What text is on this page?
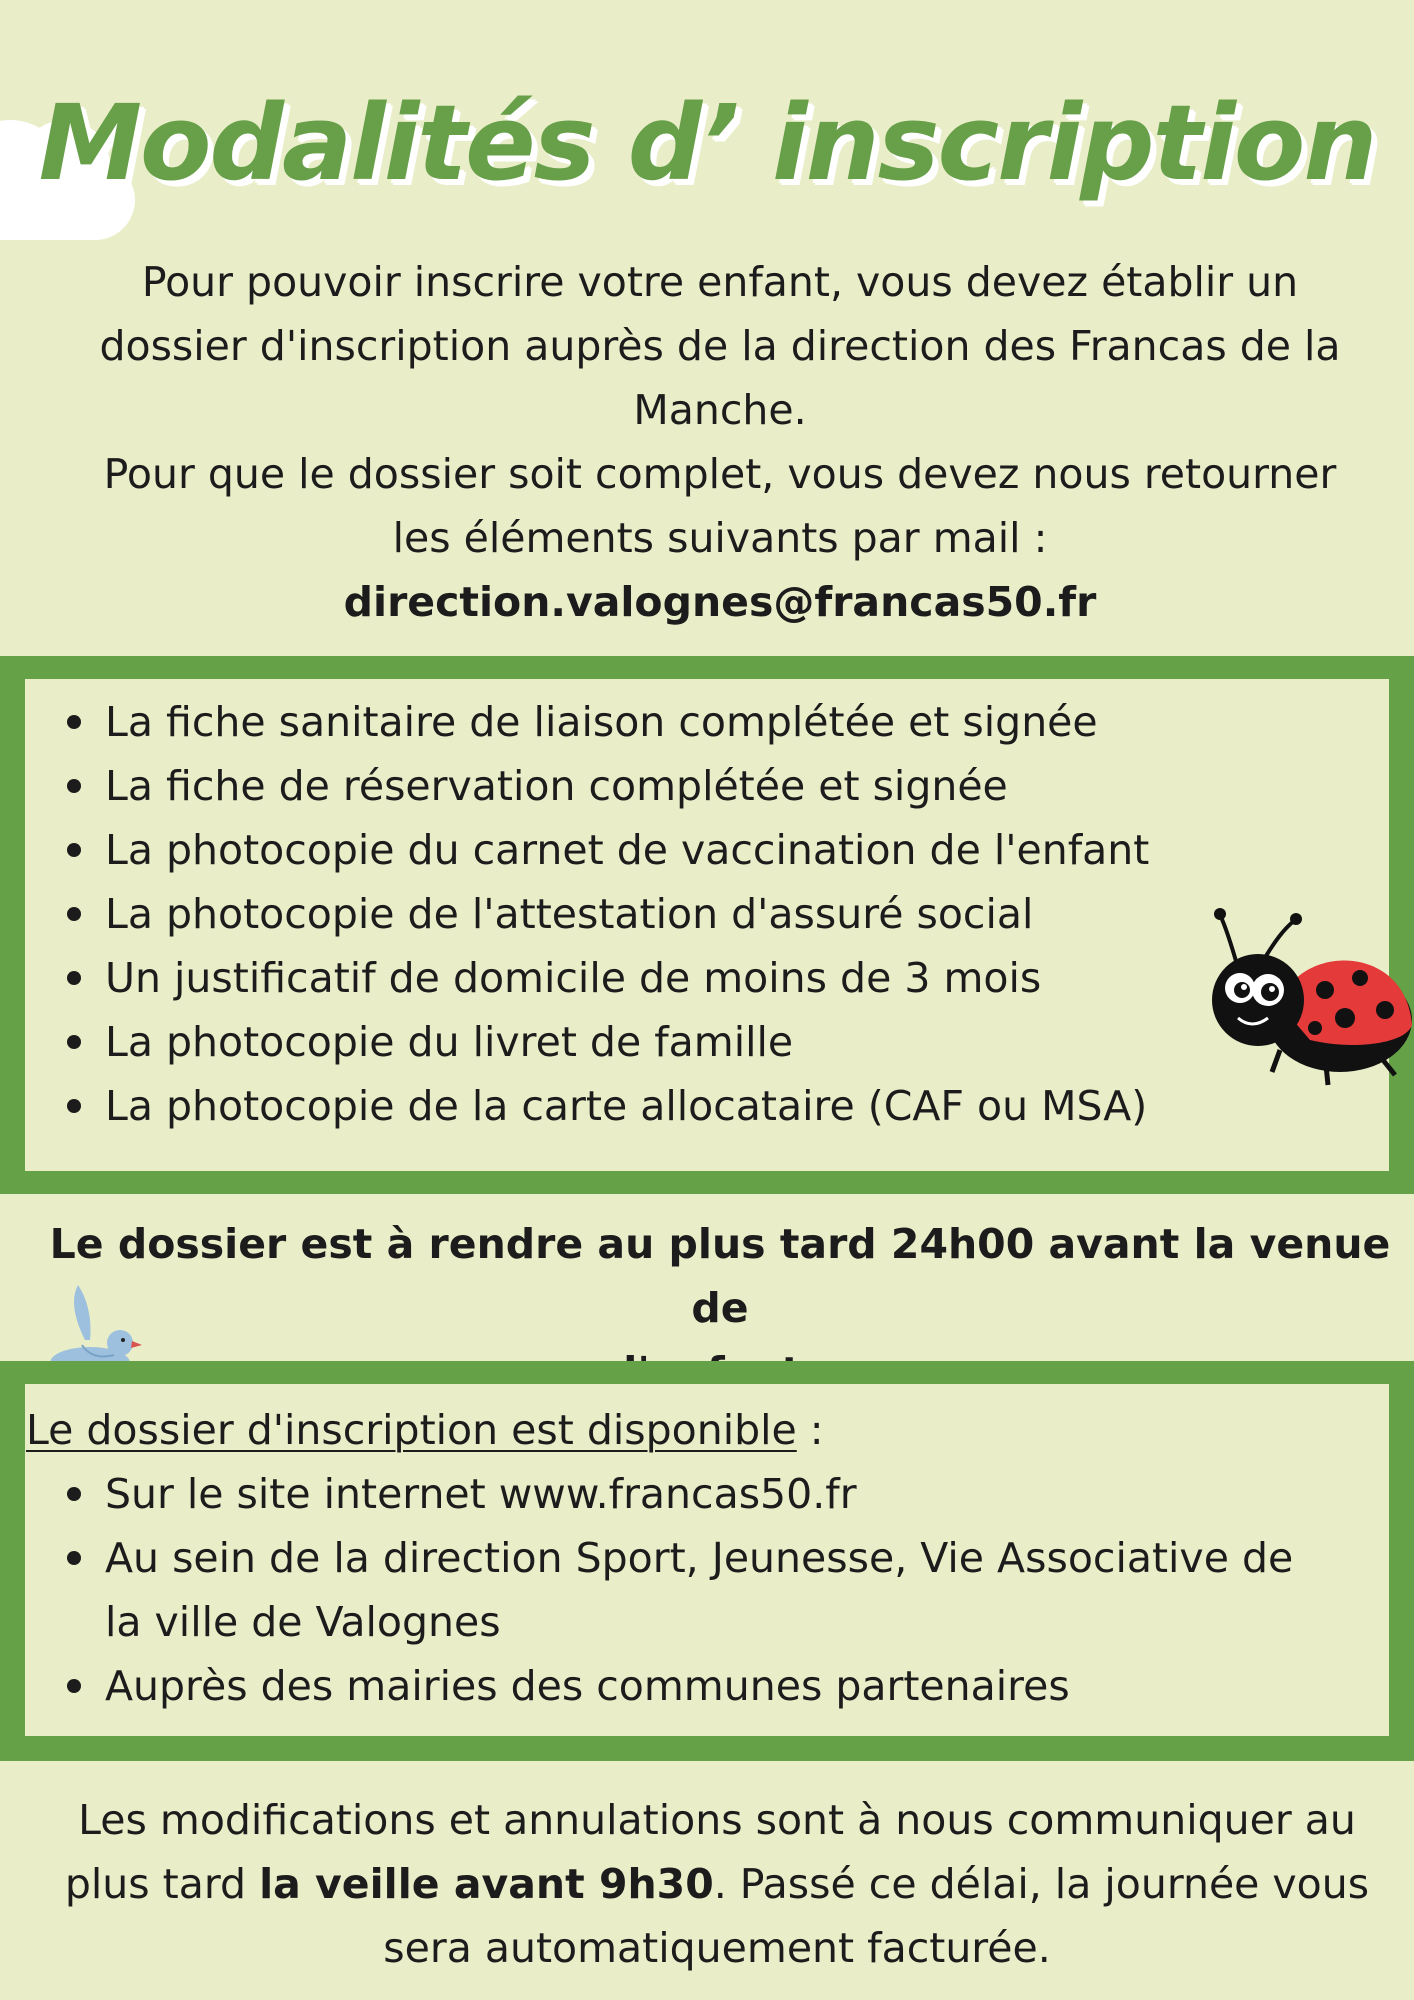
Modalités d’ inscription

Pour pouvoir inscrire votre enfant, vous devez établir un

dossier d'inscription auprès de la direction des Francas de la

Manche.

Pour que le dossier soit complet, vous devez nous retourner

les éléments suivants par mail :

direction.valognes@francas50.fr

La fiche sanitaire de liaison complétée et signée
La fiche de réservation complétée et signée
La photocopie du carnet de vaccination de l'enfant
La photocopie de l'attestation d'assuré social
Un justificatif de domicile de moins de 3 mois
La photocopie du livret de famille
La photocopie de la carte allocataire (CAF ou MSA)

Le dossier est à rendre au plus tard 24h00 avant la venue de

Le dossier d'inscription est disponible :

Sur le site internet www.francas50.fr
Au sein de la direction Sport, Jeunesse, Vie Associative de
la ville de Valognes
Auprès des mairies des communes partenaires

Les modifications et annulations sont à nous communiquer au
plus tard la veille avant 9h30. Passé ce délai, la journée vous
sera automatiquement facturée.
